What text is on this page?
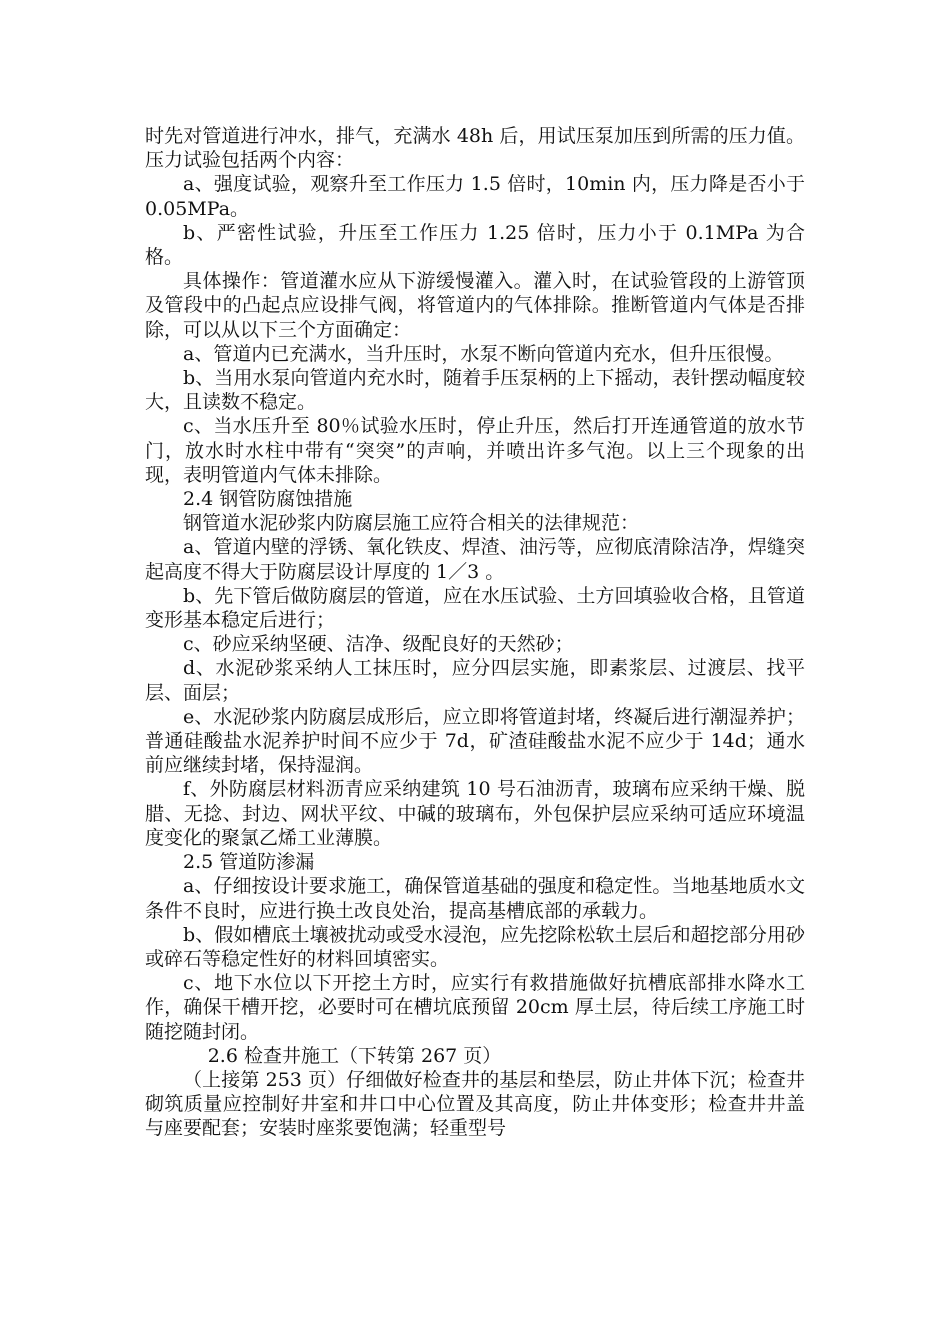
时先对管道进行冲水，排气，充满水 48h 后，用试压泵加压到所需的压力值。压力试验包括两个内容：

a、强度试验，观察升至工作压力 1.5 倍时，10min 内，压力降是否小于 0.05MPa。

b、严密性试验，升压至工作压力 1.25 倍时，压力小于 0.1MPa 为合格。

具体操作：管道灌水应从下游缓慢灌入。灌入时，在试验管段的上游管顶及管段中的凸起点应设排气阀，将管道内的气体排除。推断管道内气体是否排除，可以从以下三个方面确定：

a、管道内已充满水，当升压时，水泵不断向管道内充水，但升压很慢。

b、当用水泵向管道内充水时，随着手压泵柄的上下摇动，表针摆动幅度较大，且读数不稳定。

c、当水压升至 80％试验水压时，停止升压，然后打开连通管道的放水节门，放水时水柱中带有“突突”的声响，并喷出许多气泡。以上三个现象的出现，表明管道内气体未排除。

2.4 钢管防腐蚀措施

钢管道水泥砂浆内防腐层施工应符合相关的法律规范：

a、管道内壁的浮锈、氧化铁皮、焊渣、油污等，应彻底清除洁净，焊缝突起高度不得大于防腐层设计厚度的 1／3 。

b、先下管后做防腐层的管道，应在水压试验、土方回填验收合格，且管道变形基本稳定后进行；

c、砂应采纳坚硬、洁净、级配良好的天然砂；

d、水泥砂浆采纳人工抹压时，应分四层实施，即素浆层、过渡层、找平层、面层；

e、水泥砂浆内防腐层成形后，应立即将管道封堵，终凝后进行潮湿养护；普通硅酸盐水泥养护时间不应少于 7d，矿渣硅酸盐水泥不应少于 14d；通水前应继续封堵，保持湿润。

f、外防腐层材料沥青应采纳建筑 10 号石油沥青，玻璃布应采纳干燥、脱腊、无捻、封边、网状平纹、中碱的玻璃布，外包保护层应采纳可适应环境温度变化的聚氯乙烯工业薄膜。

2.5 管道防渗漏

a、仔细按设计要求施工，确保管道基础的强度和稳定性。当地基地质水文条件不良时，应进行换土改良处治，提高基槽底部的承载力。

b、假如槽底土壤被扰动或受水浸泡，应先挖除松软土层后和超挖部分用砂或碎石等稳定性好的材料回填密实。

c、地下水位以下开挖土方时，应实行有救措施做好抗槽底部排水降水工作，确保干槽开挖，必要时可在槽坑底预留 20cm 厚土层，待后续工序施工时随挖随封闭。

2.6 检查井施工（下转第 267 页）

（上接第 253 页）仔细做好检查井的基层和垫层，防止井体下沉；检查井砌筑质量应控制好井室和井口中心位置及其高度，防止井体变形；检查井井盖与座要配套；安装时座浆要饱满；轻重型号
